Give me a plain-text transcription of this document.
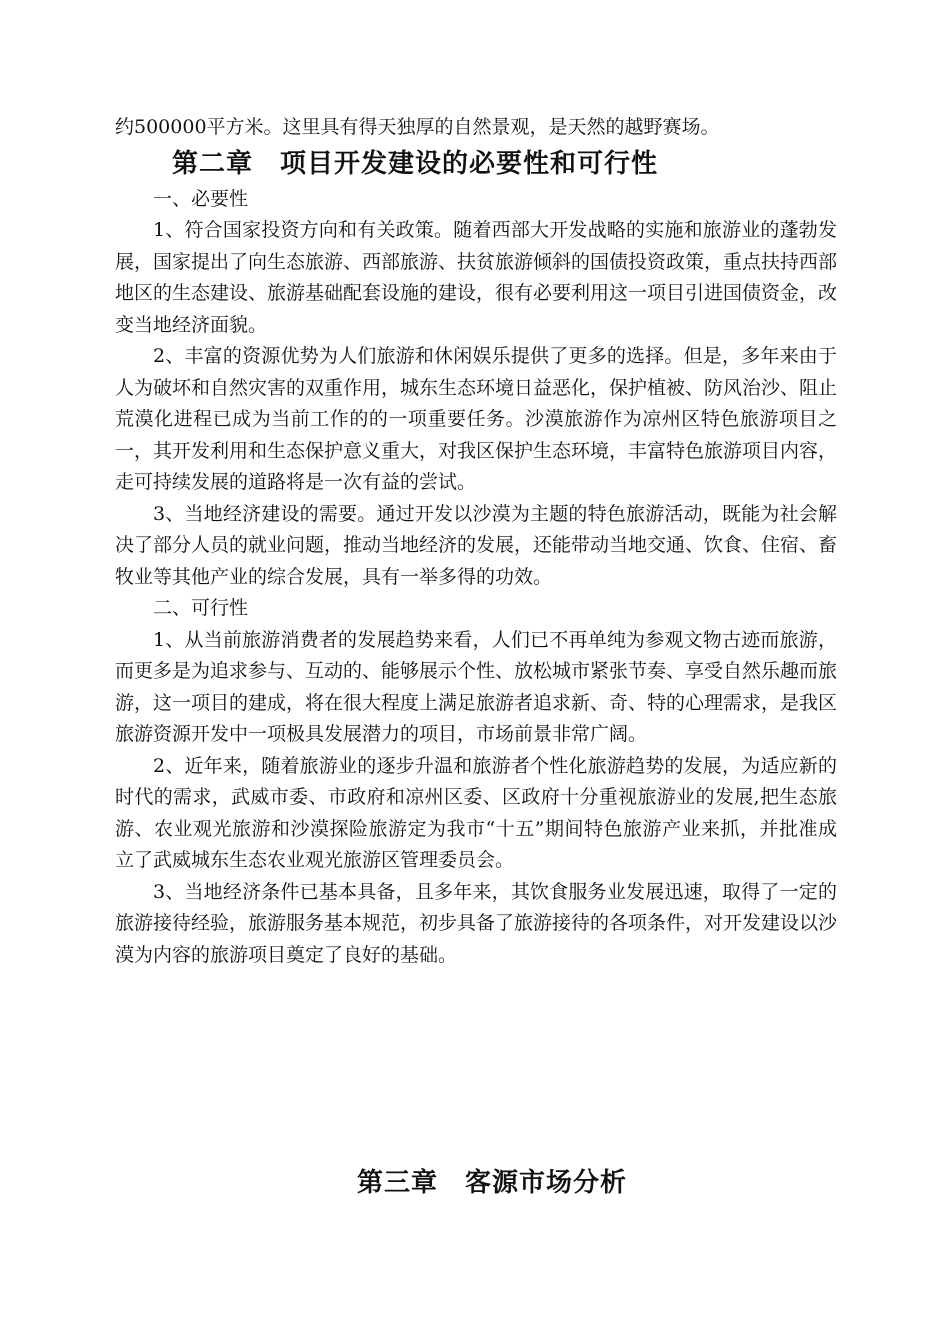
约500000平方米。这里具有得天独厚的自然景观，是天然的越野赛场。

第二章　项目开发建设的必要性和可行性

一、必要性

1、符合国家投资方向和有关政策。随着西部大开发战略的实施和旅游业的蓬勃发展，国家提出了向生态旅游、西部旅游、扶贫旅游倾斜的国债投资政策，重点扶持西部地区的生态建设、旅游基础配套设施的建设，很有必要利用这一项目引进国债资金，改变当地经济面貌。

2、丰富的资源优势为人们旅游和休闲娱乐提供了更多的选择。但是，多年来由于人为破坏和自然灾害的双重作用，城东生态环境日益恶化，保护植被、防风治沙、阻止荒漠化进程已成为当前工作的的一项重要任务。沙漠旅游作为凉州区特色旅游项目之一，其开发利用和生态保护意义重大，对我区保护生态环境，丰富特色旅游项目内容，走可持续发展的道路将是一次有益的尝试。

3、当地经济建设的需要。通过开发以沙漠为主题的特色旅游活动，既能为社会解决了部分人员的就业问题，推动当地经济的发展，还能带动当地交通、饮食、住宿、畜牧业等其他产业的综合发展，具有一举多得的功效。

二、可行性

1、从当前旅游消费者的发展趋势来看，人们已不再单纯为参观文物古迹而旅游，而更多是为追求参与、互动的、能够展示个性、放松城市紧张节奏、享受自然乐趣而旅游，这一项目的建成，将在很大程度上满足旅游者追求新、奇、特的心理需求，是我区旅游资源开发中一项极具发展潜力的项目，市场前景非常广阔。

2、近年来，随着旅游业的逐步升温和旅游者个性化旅游趋势的发展，为适应新的时代的需求，武威市委、市政府和凉州区委、区政府十分重视旅游业的发展,把生态旅游、农业观光旅游和沙漠探险旅游定为我市“十五”期间特色旅游产业来抓，并批准成立了武威城东生态农业观光旅游区管理委员会。

3、当地经济条件已基本具备，且多年来，其饮食服务业发展迅速，取得了一定的旅游接待经验，旅游服务基本规范，初步具备了旅游接待的各项条件，对开发建设以沙漠为内容的旅游项目奠定了良好的基础。

第三章　客源市场分析
